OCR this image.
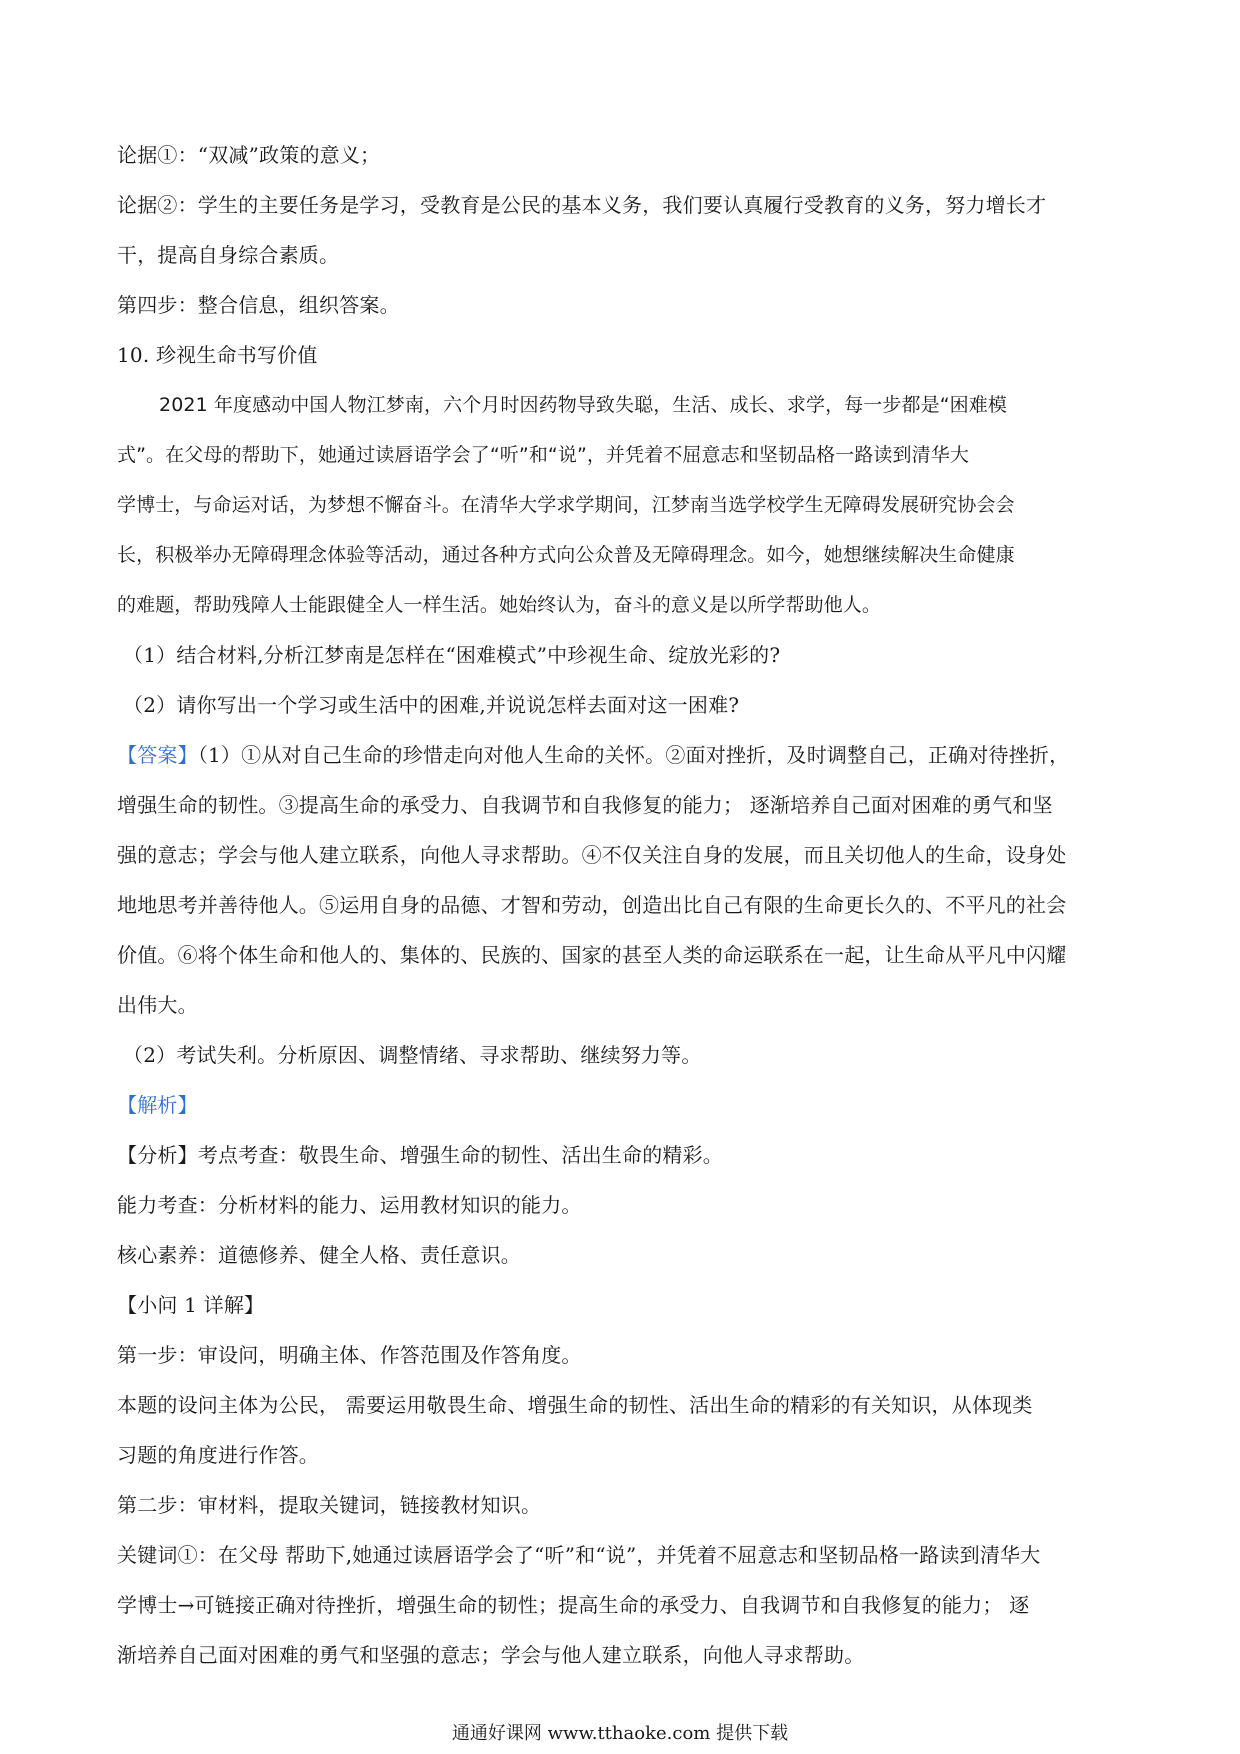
论据①：“双减”政策的意义；
论据②：学生的主要任务是学习，受教育是公民的基本义务，我们要认真履行受教育的义务，努力增长才
干，提高自身综合素质。
第四步：整合信息，组织答案。
10. 珍视生命书写价值
2021 年度感动中国人物江梦南，六个月时因药物导致失聪，生活、成长、求学，每一步都是“困难模
式”。在父母的帮助下，她通过读唇语学会了“听”和“说”，并凭着不屈意志和坚韧品格一路读到清华大
学博士，与命运对话，为梦想不懈奋斗。在清华大学求学期间，江梦南当选学校学生无障碍发展研究协会会
长，积极举办无障碍理念体验等活动，通过各种方式向公众普及无障碍理念。如今，她想继续解决生命健康
的难题，帮助残障人士能跟健全人一样生活。她始终认为，奋斗的意义是以所学帮助他人。
（1）结合材料,分析江梦南是怎样在“困难模式”中珍视生命、绽放光彩的?
（2）请你写出一个学习或生活中的困难,并说说怎样去面对这一困难?
【答案】（1）①从对自己生命的珍惜走向对他人生命的关怀。②面对挫折，及时调整自己，正确对待挫折，
增强生命的韧性。③提高生命的承受力、自我调节和自我修复的能力； 逐渐培养自己面对困难的勇气和坚
强的意志；学会与他人建立联系，向他人寻求帮助。④不仅关注自身的发展，而且关切他人的生命，设身处
地地思考并善待他人。⑤运用自身的品德、才智和劳动，创造出比自己有限的生命更长久的、不平凡的社会
价值。⑥将个体生命和他人的、集体的、民族的、国家的甚至人类的命运联系在一起，让生命从平凡中闪耀
出伟大。
（2）考试失利。分析原因、调整情绪、寻求帮助、继续努力等。
【解析】
【分析】考点考查：敬畏生命、增强生命的韧性、活出生命的精彩。
能力考查：分析材料的能力、运用教材知识的能力。
核心素养：道德修养、健全人格、责任意识。
【小问 1 详解】
第一步：审设问，明确主体、作答范围及作答角度。
本题的设问主体为公民， 需要运用敬畏生命、增强生命的韧性、活出生命的精彩的有关知识，从体现类
习题的角度进行作答。
第二步：审材料，提取关键词，链接教材知识。
关键词①：在父母 帮助下,她通过读唇语学会了“听”和“说”，并凭着不屈意志和坚韧品格一路读到清华大
学博士→可链接正确对待挫折，增强生命的韧性；提高生命的承受力、自我调节和自我修复的能力； 逐
渐培养自己面对困难的勇气和坚强的意志；学会与他人建立联系，向他人寻求帮助。
通通好课网 www.tthaoke.com 提供下载
